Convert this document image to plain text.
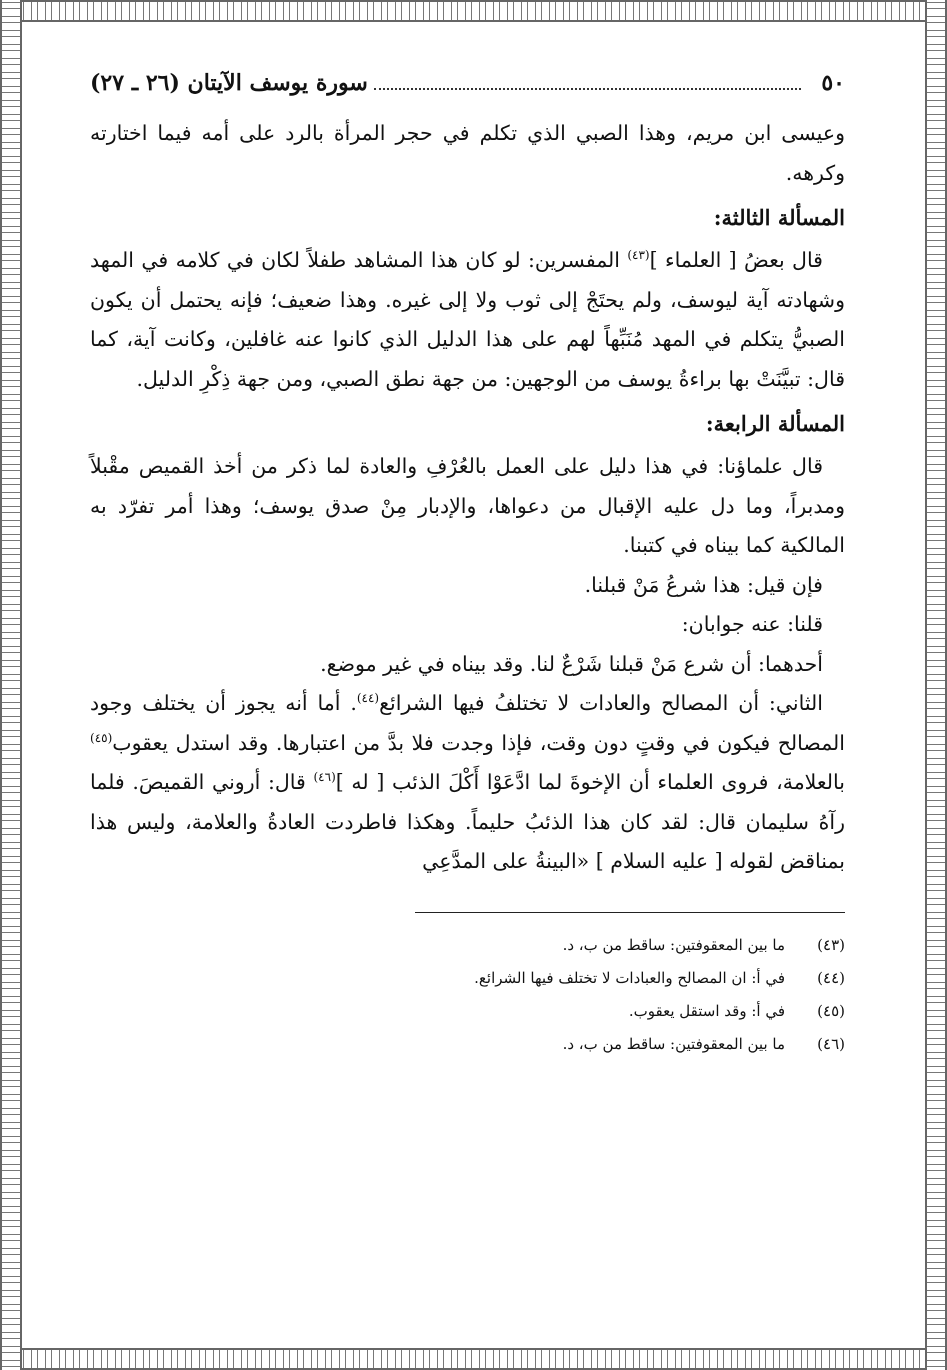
٥٠
سورة يوسف الآيتان (٢٦ ـ ٢٧)

وعيسى ابن مريم، وهذا الصبي الذي تكلم في حجر المرأة بالرد على أمه فيما اختارته وكرهه.

المسألة الثالثة:

قال بعضُ [ العلماء ]$^{(٤٣)}$ المفسرين: لو كان هذا المشاهد طفلاً لكان في كلامه في المهد وشهادته آية ليوسف، ولم يحتَجْ إلى ثوب ولا إلى غيره. وهذا ضعيف؛ فإنه يحتمل أن يكون الصبيُّ يتكلم في المهد مُنَبِّهاً لهم على هذا الدليل الذي كانوا عنه غافلين، وكانت آية، كما قال: تبيَّنَتْ بها براءةُ يوسف من الوجهين: من جهة نطق الصبي، ومن جهة ذِكْرِ الدليل.

المسألة الرابعة:

قال علماؤنا: في هذا دليل على العمل بالعُرْفِ والعادة لما ذكر من أخذ القميص مقْبلاً ومدبراً، وما دل عليه الإقبال من دعواها، والإدبار مِنْ صدق يوسف؛ وهذا أمر تفرّد به المالكية كما بيناه في كتبنا.

فإن قيل: هذا شرعُ مَنْ قبلنا.

قلنا: عنه جوابان:

أحدهما: أن شرع مَنْ قبلنا شَرْعٌ لنا. وقد بيناه في غير موضع.

الثاني: أن المصالح والعادات لا تختلفُ فيها الشرائع$^{(٤٤)}$. أما أنه يجوز أن يختلف وجود المصالح فيكون في وقتٍ دون وقت، فإذا وجدت فلا بدَّ من اعتبارها. وقد استدل يعقوب$^{(٤٥)}$ بالعلامة، فروى العلماء أن الإخوةَ لما ادَّعَوْا أَكْلَ الذئب [ له ]$^{(٤٦)}$ قال: أروني القميصَ. فلما رآهُ سليمان قال: لقد كان هذا الذئبُ حليماً. وهكذا فاطردت العادةُ والعلامة، وليس هذا بمناقض لقوله [ عليه السلام ] «البينةُ على المدَّعِي

(٤٣)
ما بين المعقوفتين: ساقط من ب، د.
(٤٤)
في أ: ان المصالح والعبادات لا تختلف فيها الشرائع.
(٤٥)
في أ: وقد استقل يعقوب.
(٤٦)
ما بين المعقوفتين: ساقط من ب، د.
